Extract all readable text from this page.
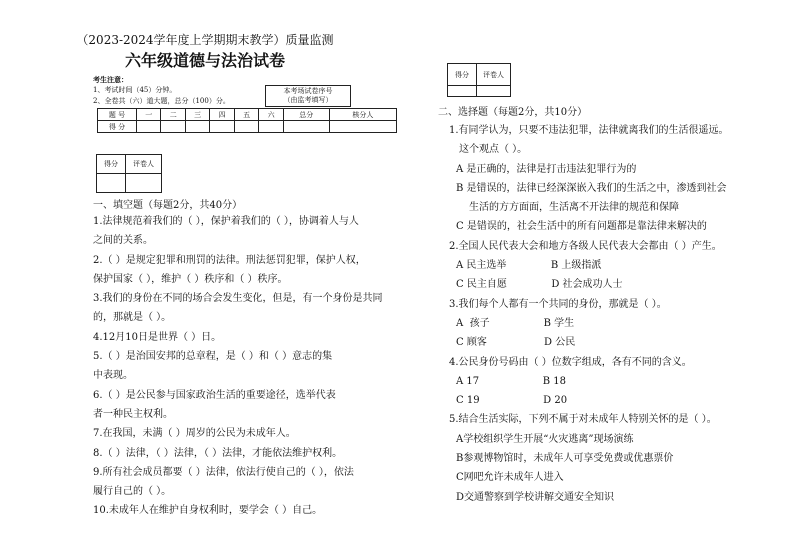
（2023-2024学年度上学期期末教学）质量监测
六年级道德与法治试卷
考生注意：
1、考试时间（45）分钟。
2、全卷共（六）道大题，总分（100）分。
本考场试卷序号
（由监考填写）
题 号	一	二	三	四	五	六	总分	核分人
得 分								
得分	评卷人

一、填空题（每题2分，共40分）
1.法律规范着我们的（ ），保护着我们的（ ），协调着人与人
之间的关系。
2.（ ）是规定犯罪和刑罚的法律。刑法惩罚犯罪，保护人权，
保护国家（ ），维护（ ）秩序和（ ）秩序。
3.我们的身份在不同的场合会发生变化，但是，有一个身份是共同
的，那就是（ ）。
4.12月10日是世界（ ）日。
5.（ ）是治国安邦的总章程，是（ ）和（ ）意志的集
中表现。
6.（ ）是公民参与国家政治生活的重要途径，选举代表
者一种民主权利。
7.在我国，未满（ ）周岁的公民为未成年人。
8.（ ）法律，（ ）法律，（ ）法律，才能依法维护权利。
9.所有社会成员都要（ ）法律，依法行使自己的（ ），依法
履行自己的（ ）。
10.未成年人在维护自身权利时，要学会（ ）自己。
得分	评卷人

二、选择题（每题2分，共10分）
1.有同学认为，只要不违法犯罪，法律就离我们的生活很遥远。
这个观点（ ）。
A 是正确的，法律是打击违法犯罪行为的
B 是错误的，法律已经深深嵌入我们的生活之中，渗透到社会
生活的方方面面，生活离不开法律的规范和保障
C 是错误的，社会生活中的所有问题都是靠法律来解决的
2.全国人民代表大会和地方各级人民代表大会都由（ ）产生。
A 民主选举              B 上级指派
C 民主自愿              D 社会成功人士
3.我们每个人都有一个共同的身份，那就是（ ）。
A  孩子                 B 学生
C 顾客                  D 公民
4.公民身份号码由（ ）位数字组成，各有不同的含义。
A 17                    B 18
C 19                    D 20
5.结合生活实际，下列不属于对未成年人特别关怀的是（ ）。
A学校组织学生开展“火灾逃离”现场演练
B参观博物馆时，未成年人可享受免费或优惠票价
C网吧允许未成年人进入
D交通警察到学校讲解交通安全知识
